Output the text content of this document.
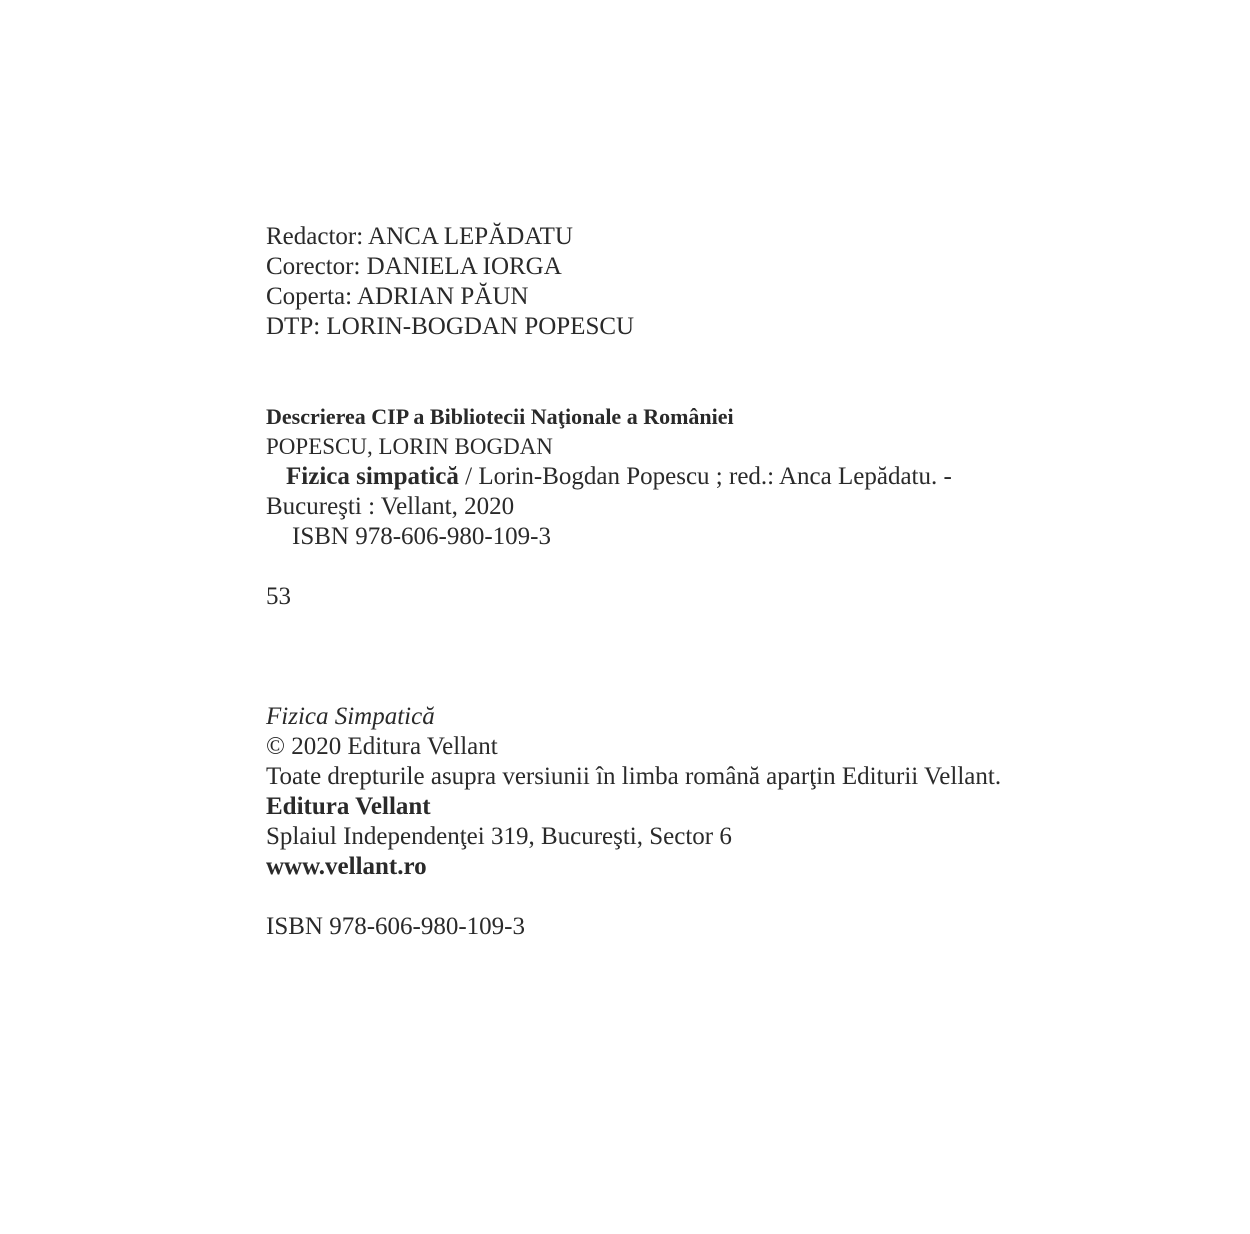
Redactor: ANCA LEPĂDATU
Corector: DANIELA IORGA
Coperta: ADRIAN PĂUN
DTP: LORIN-BOGDAN POPESCU
Descrierea CIP a Bibliotecii Naţionale a României
POPESCU, LORIN BOGDAN
Fizica simpatică / Lorin-Bogdan Popescu ; red.: Anca Lepădatu. -
Bucureşti : Vellant, 2020
ISBN 978-606-980-109-3
53
Fizica Simpatică
© 2020 Editura Vellant
Toate drepturile asupra versiunii în limba română aparţin Editurii Vellant.
Editura Vellant
Splaiul Independenţei 319, Bucureşti, Sector 6
www.vellant.ro
ISBN 978-606-980-109-3
